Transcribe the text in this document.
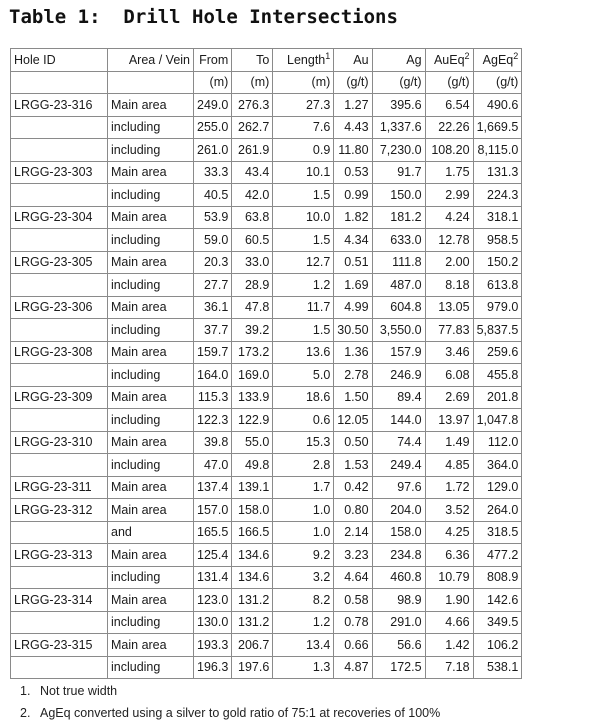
Table 1:  Drill Hole Intersections
Hole ID	Area / Vein	From	To	Length$^1$	Au	Ag	AuEq$^2$	AgEq$^2$
		(m)	(m)	(m)	(g/t)	(g/t)	(g/t)	(g/t)
LRGG-23-316	Main area	249.0	276.3	27.3	1.27	395.6	6.54	490.6
	including	255.0	262.7	7.6	4.43	1,337.6	22.26	1,669.5
	including	261.0	261.9	0.9	11.80	7,230.0	108.20	8,115.0
LRGG-23-303	Main area	33.3	43.4	10.1	0.53	91.7	1.75	131.3
	including	40.5	42.0	1.5	0.99	150.0	2.99	224.3
LRGG-23-304	Main area	53.9	63.8	10.0	1.82	181.2	4.24	318.1
	including	59.0	60.5	1.5	4.34	633.0	12.78	958.5
LRGG-23-305	Main area	20.3	33.0	12.7	0.51	111.8	2.00	150.2
	including	27.7	28.9	1.2	1.69	487.0	8.18	613.8
LRGG-23-306	Main area	36.1	47.8	11.7	4.99	604.8	13.05	979.0
	including	37.7	39.2	1.5	30.50	3,550.0	77.83	5,837.5
LRGG-23-308	Main area	159.7	173.2	13.6	1.36	157.9	3.46	259.6
	including	164.0	169.0	5.0	2.78	246.9	6.08	455.8
LRGG-23-309	Main area	115.3	133.9	18.6	1.50	89.4	2.69	201.8
	including	122.3	122.9	0.6	12.05	144.0	13.97	1,047.8
LRGG-23-310	Main area	39.8	55.0	15.3	0.50	74.4	1.49	112.0
	including	47.0	49.8	2.8	1.53	249.4	4.85	364.0
LRGG-23-311	Main area	137.4	139.1	1.7	0.42	97.6	1.72	129.0
LRGG-23-312	Main area	157.0	158.0	1.0	0.80	204.0	3.52	264.0
	and	165.5	166.5	1.0	2.14	158.0	4.25	318.5
LRGG-23-313	Main area	125.4	134.6	9.2	3.23	234.8	6.36	477.2
	including	131.4	134.6	3.2	4.64	460.8	10.79	808.9
LRGG-23-314	Main area	123.0	131.2	8.2	0.58	98.9	1.90	142.6
	including	130.0	131.2	1.2	0.78	291.0	4.66	349.5
LRGG-23-315	Main area	193.3	206.7	13.4	0.66	56.6	1.42	106.2
	including	196.3	197.6	1.3	4.87	172.5	7.18	538.1
1. Not true width
2. AgEq converted using a silver to gold ratio of 75:1 at recoveries of 100%
